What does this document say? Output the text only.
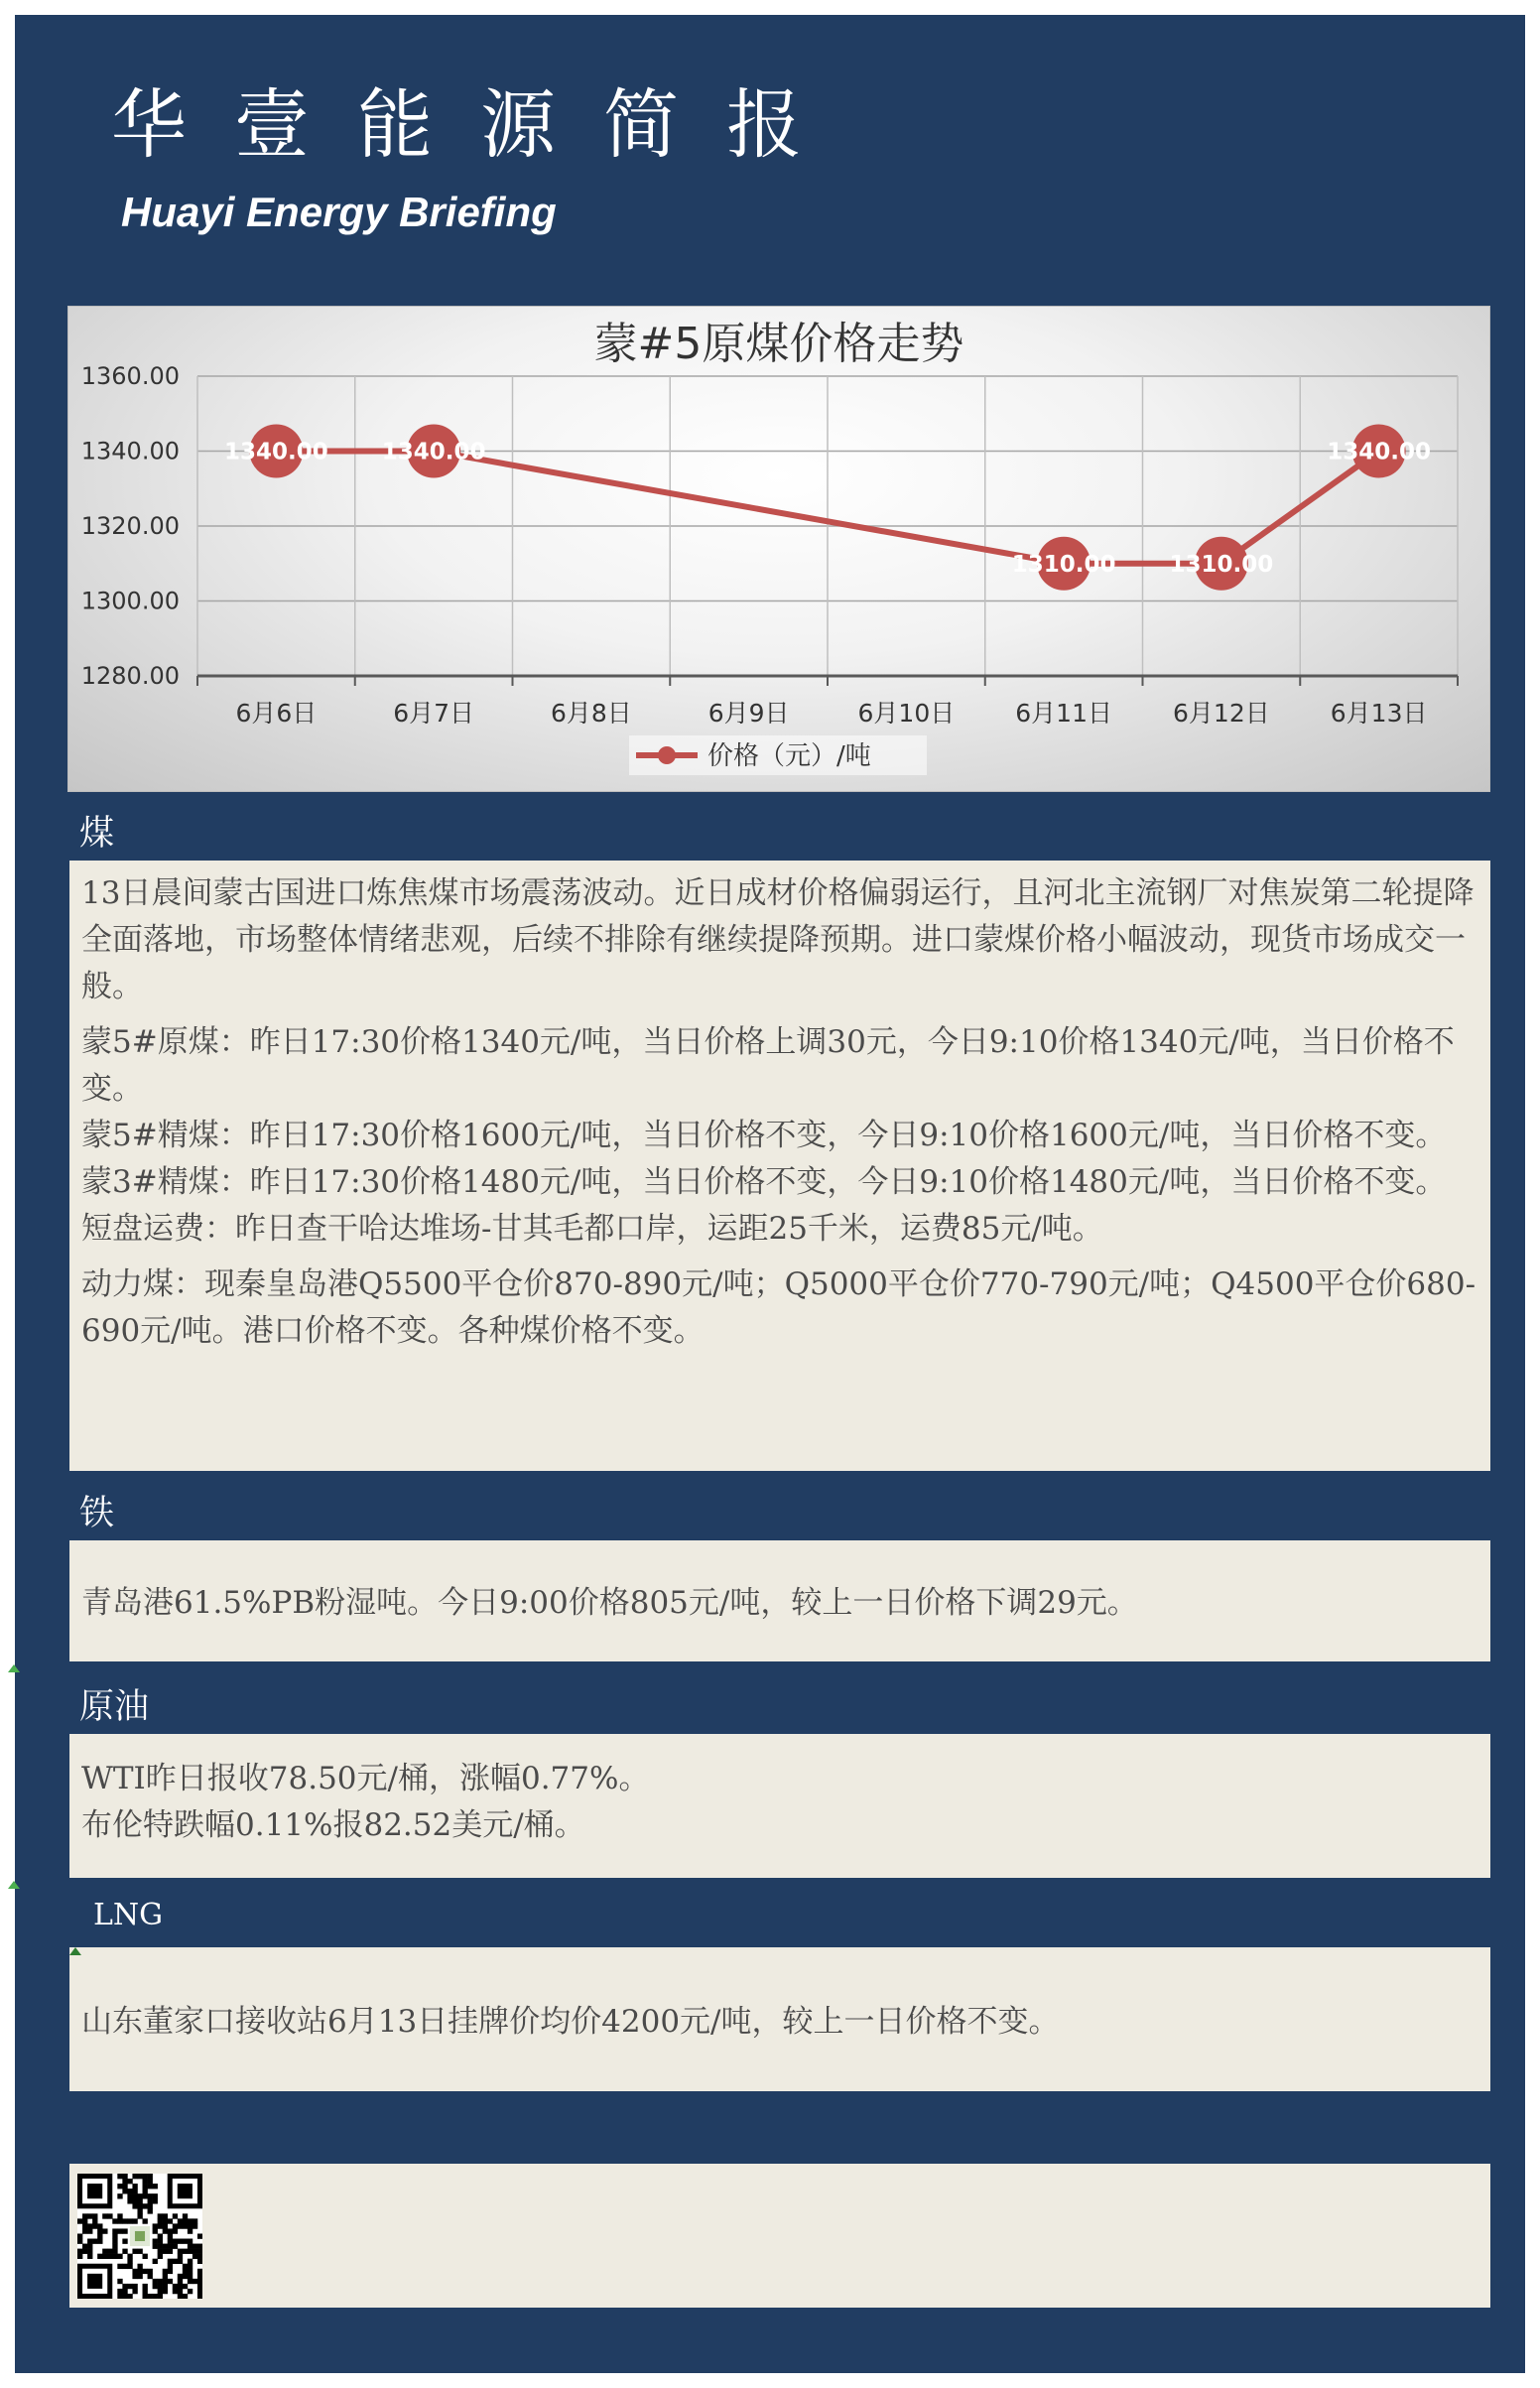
华壹能源简报
Huayi Energy Briefing
蒙#5原煤价格走势
1360.00
1340.00
1320.00
1300.00
1280.00
6月6日	6月7日	6月8日	6月9日	6月10日 6月11日 6月12日 6月13日
1340.00 1340.00
1310.00 1310.00
1340.00
价格（元）/吨
煤

13日晨间蒙古国进口炼焦煤市场震荡波动。近日成材价格偏弱运行，且河北主流钢厂对焦炭第二轮提降全面落地，市场整体情绪悲观，后续不排除有继续提降预期。进口蒙煤价格小幅波动，现货市场成交一般。

蒙5#原煤：昨日17:30价格1340元/吨，当日价格上调30元，今日9:10价格1340元/吨，当日价格不变。

蒙5#精煤：昨日17:30价格1600元/吨，当日价格不变，今日9:10价格1600元/吨，当日价格不变。

蒙3#精煤：昨日17:30价格1480元/吨，当日价格不变，今日9:10价格1480元/吨，当日价格不变。

短盘运费：昨日查干哈达堆场-甘其毛都口岸，运距25千米，运费85元/吨。

动力煤：现秦皇岛港Q5500平仓价870-890元/吨；Q5000平仓价770-790元/吨；Q4500平仓价680-690元/吨。港口价格不变。各种煤价格不变。

铁

青岛港61.5%PB粉湿吨。今日9:00价格805元/吨，较上一日价格下调29元。

原油

WTI昨日报收78.50元/桶，涨幅0.77%。

布伦特跌幅0.11%报82.52美元/桶。

LNG

山东董家口接收站6月13日挂牌价均价4200元/吨，较上一日价格不变。
